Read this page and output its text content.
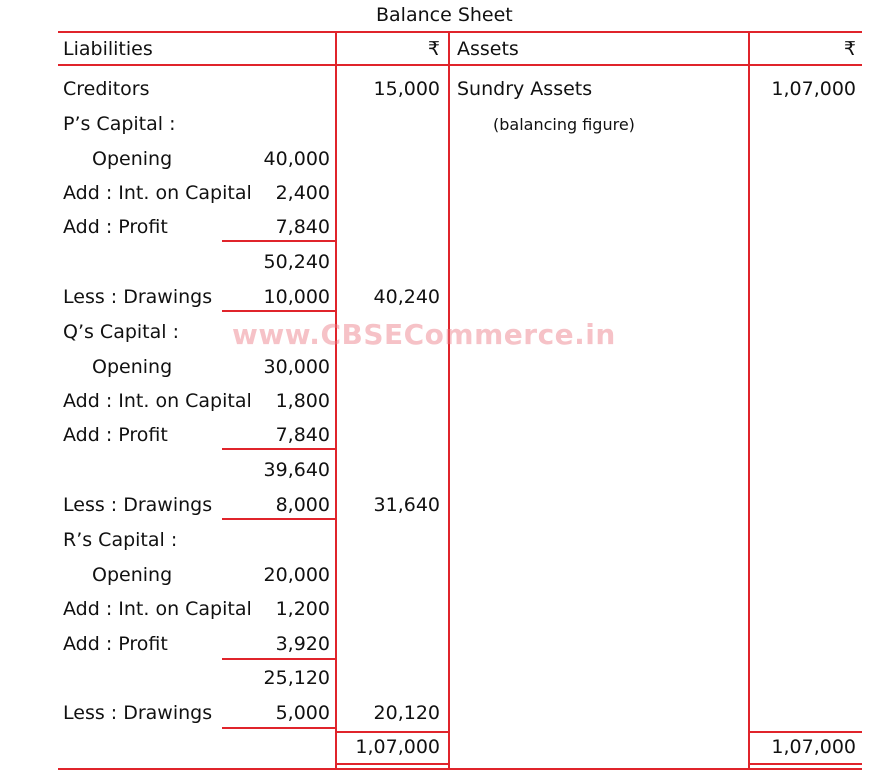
Balance Sheet
Liabilities	₹ Assets	₹
Creditors	15,000 Sundry Assets	1,07,000
(balancing figure)
P’s Capital :
Opening	40,000
Add : Int. on Capital	2,400
Add : Profit	7,840
50,240
Less : Drawings	10,000	40,240
Q’s Capital :
Opening	30,000
Add : Int. on Capital	1,800
Add : Profit	7,840
39,640
Less : Drawings	8,000	31,640
R’s Capital :
Opening	20,000
Add : Int. on Capital	1,200
Add : Profit	3,920
25,120
Less : Drawings	5,000	20,120
1,07,000	1,07,000
www.CBSECommerce.in
